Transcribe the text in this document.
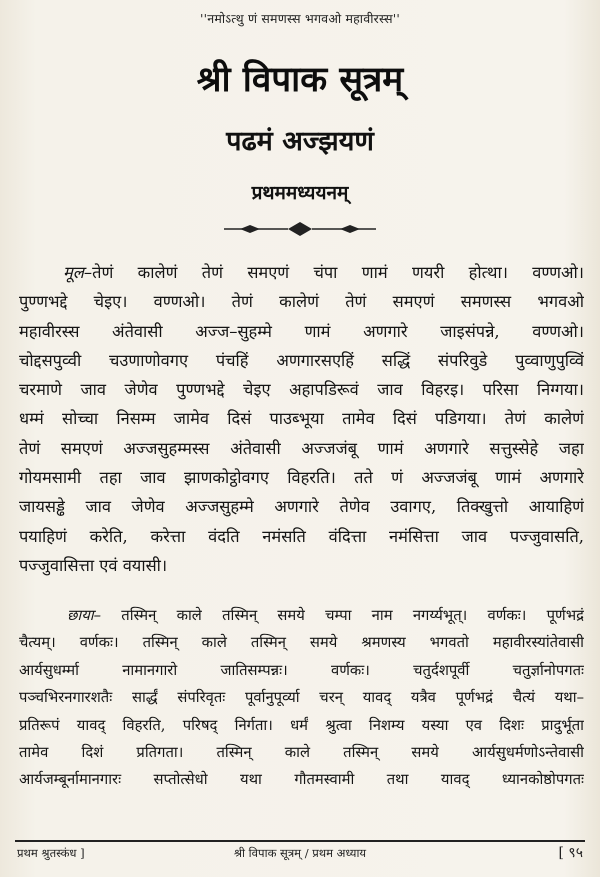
''नमोऽत्थु णं समणस्स भगवओ महावीरस्स''
श्री विपाक सूत्रम्
पढमं अज्झयणं
प्रथममध्ययनम्
मूल–तेणं कालेणं तेणं समएणं चंपा णामं णयरी होत्था। वण्णओ।
पुण्णभद्दे चेइए। वण्णओ। तेणं कालेणं तेणं समएणं समणस्स भगवओ
महावीरस्स अंतेवासी अज्ज–सुहम्मे णामं अणगारे जाइसंपन्ने, वण्णओ।
चोद्दसपुव्वी चउणाणोवगए पंचहिं अणगारसएहिं सद्धिं संपरिवुडे पुव्वाणुपुव्विं
चरमाणे जाव जेणेव पुण्णभद्दे चेइए अहापडिरूवं जाव विहरइ। परिसा निग्गया।
धम्मं सोच्चा निसम्म जामेव दिसं पाउब्भूया तामेव दिसं पडिगया। तेणं कालेणं
तेणं समएणं अज्जसुहम्मस्स अंतेवासी अज्जजंबू णामं अणगारे सत्तुस्सेहे जहा
गोयमसामी तहा जाव झाणकोट्ठोवगए विहरति। तते णं अज्जजंबू णामं अणगारे
जायसड्ढे जाव जेणेव अज्जसुहम्मे अणगारे तेणेव उवागए, तिक्खुत्तो आयाहिणं
पयाहिणं करेति, करेत्ता वंदति नमंसति वंदित्ता नमंसित्ता जाव पज्जुवासति,
पज्जुवासित्ता एवं वयासी।
छाया– तस्मिन् काले तस्मिन् समये चम्पा नाम नगर्य्यभूत्। वर्णकः। पूर्णभद्रं
चैत्यम्। वर्णकः। तस्मिन् काले तस्मिन् समये श्रमणस्य भगवतो महावीरस्यांतेवासी
आर्यसुधर्म्मा नामानगारो जातिसम्पन्नः। वर्णकः। चतुर्दशपूर्वी चतुर्ज्ञानोपगतः
पञ्चभिरनगारशतैः सार्द्धं संपरिवृतः पूर्वानुपूर्व्या चरन् यावद् यत्रैव पूर्णभद्रं चैत्यं यथा–
प्रतिरूपं यावद् विहरति, परिषद् निर्गता। धर्मं श्रुत्वा निशम्य यस्या एव दिशः प्रादुर्भूता
तामेव दिशं प्रतिगता। तस्मिन् काले तस्मिन् समये आर्यसुधर्मणोऽन्तेवासी
आर्यजम्बूर्नामानगारः सप्तोत्सेधो यथा गौतमस्वामी तथा यावद् ध्यानकोष्ठोपगतः
प्रथम श्रुतस्कंध ]	श्री विपाक सूत्रम् / प्रथम अध्याय	[ ९५
